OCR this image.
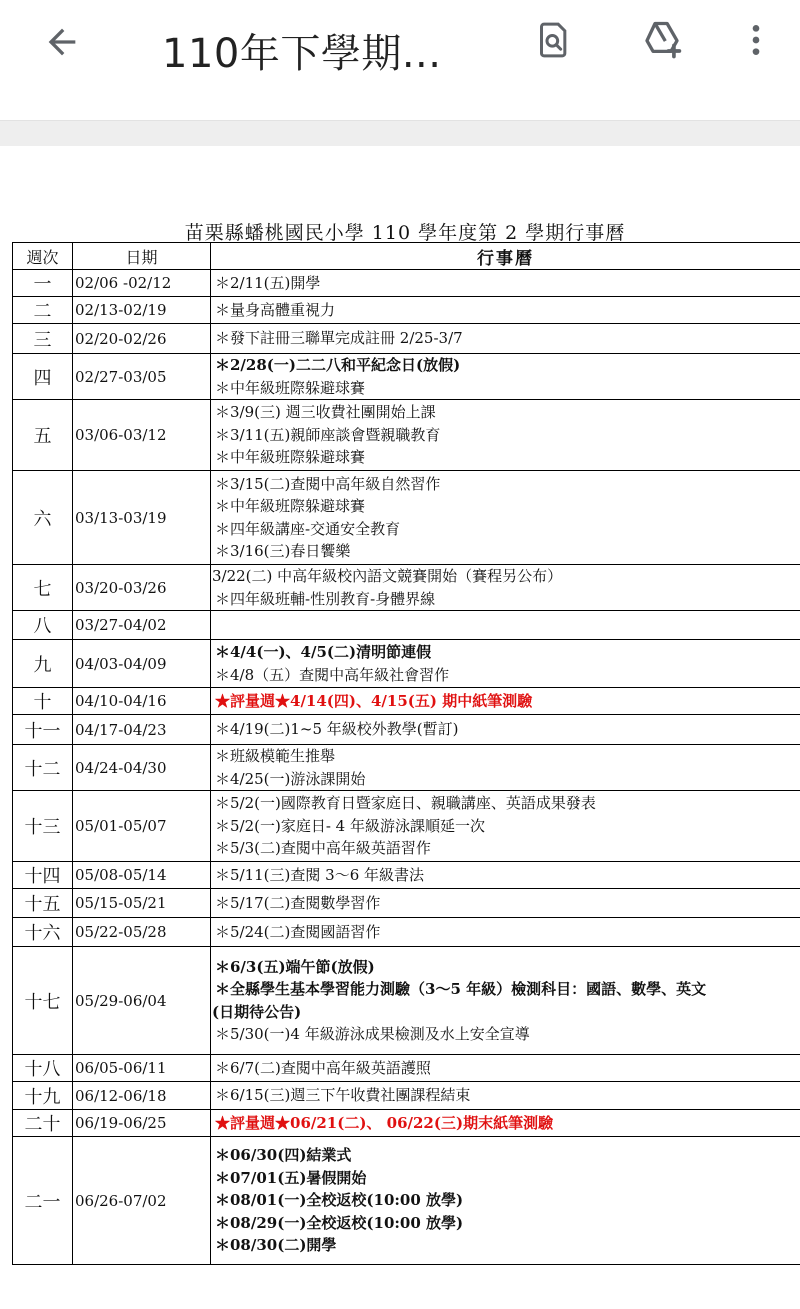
110年下學期...
苗栗縣蟠桃國民小學 110 學年度第 2 學期行事曆
週次	日期	行事曆
一	02/06 -02/12	＊2/11(五)開學

二	02/13-02/19	＊量身高體重視力

三	02/20-02/26	＊發下註冊三聯單完成註冊 2/25-3/7

四	02/27-03/05	＊2/28(一)二二八和平紀念日(放假)
＊中年級班際躲避球賽

五	03/06-03/12	＊3/9(三) 週三收費社團開始上課
＊3/11(五)親師座談會暨親職教育
＊中年級班際躲避球賽

六	03/13-03/19	＊3/15(二)查閱中高年級自然習作
＊中年級班際躲避球賽
＊四年級講座-交通安全教育
＊3/16(三)春日饗樂

七	03/20-03/26	3/22(二) 中高年級校內語文競賽開始（賽程另公布）
＊四年級班輔-性別教育-身體界線

八	03/27-04/02	
九	04/03-04/09	＊4/4(一)、4/5(二)清明節連假
＊4/8（五）查閱中高年級社會習作

十	04/10-04/16	★評量週★4/14(四)、4/15(五) 期中紙筆測驗

十一	04/17-04/23	＊4/19(二)1~5 年級校外教學(暫訂)

十二	04/24-04/30	＊班級模範生推舉
＊4/25(一)游泳課開始

十三	05/01-05/07	＊5/2(一)國際教育日暨家庭日、親職講座、英語成果發表
＊5/2(一)家庭日- 4 年級游泳課順延一次
＊5/3(二)查閱中高年級英語習作

十四	05/08-05/14	＊5/11(三)查閱 3～6 年級書法

十五	05/15-05/21	＊5/17(二)查閱數學習作

十六	05/22-05/28	＊5/24(二)查閱國語習作

十七	05/29-06/04	＊6/3(五)端午節(放假)
＊全縣學生基本學習能力測驗（3～5 年級）檢測科目：國語、數學、英文
(日期待公告)
＊5/30(一)4 年級游泳成果檢測及水上安全宣導

十八	06/05-06/11	＊6/7(二)查閱中高年級英語護照

十九	06/12-06/18	＊6/15(三)週三下午收費社團課程結束

二十	06/19-06/25	★評量週★06/21(二)、 06/22(三)期末紙筆測驗

二一	06/26-07/02	＊06/30(四)結業式
＊07/01(五)暑假開始
＊08/01(一)全校返校(10:00 放學)
＊08/29(一)全校返校(10:00 放學)
＊08/30(二)開學
